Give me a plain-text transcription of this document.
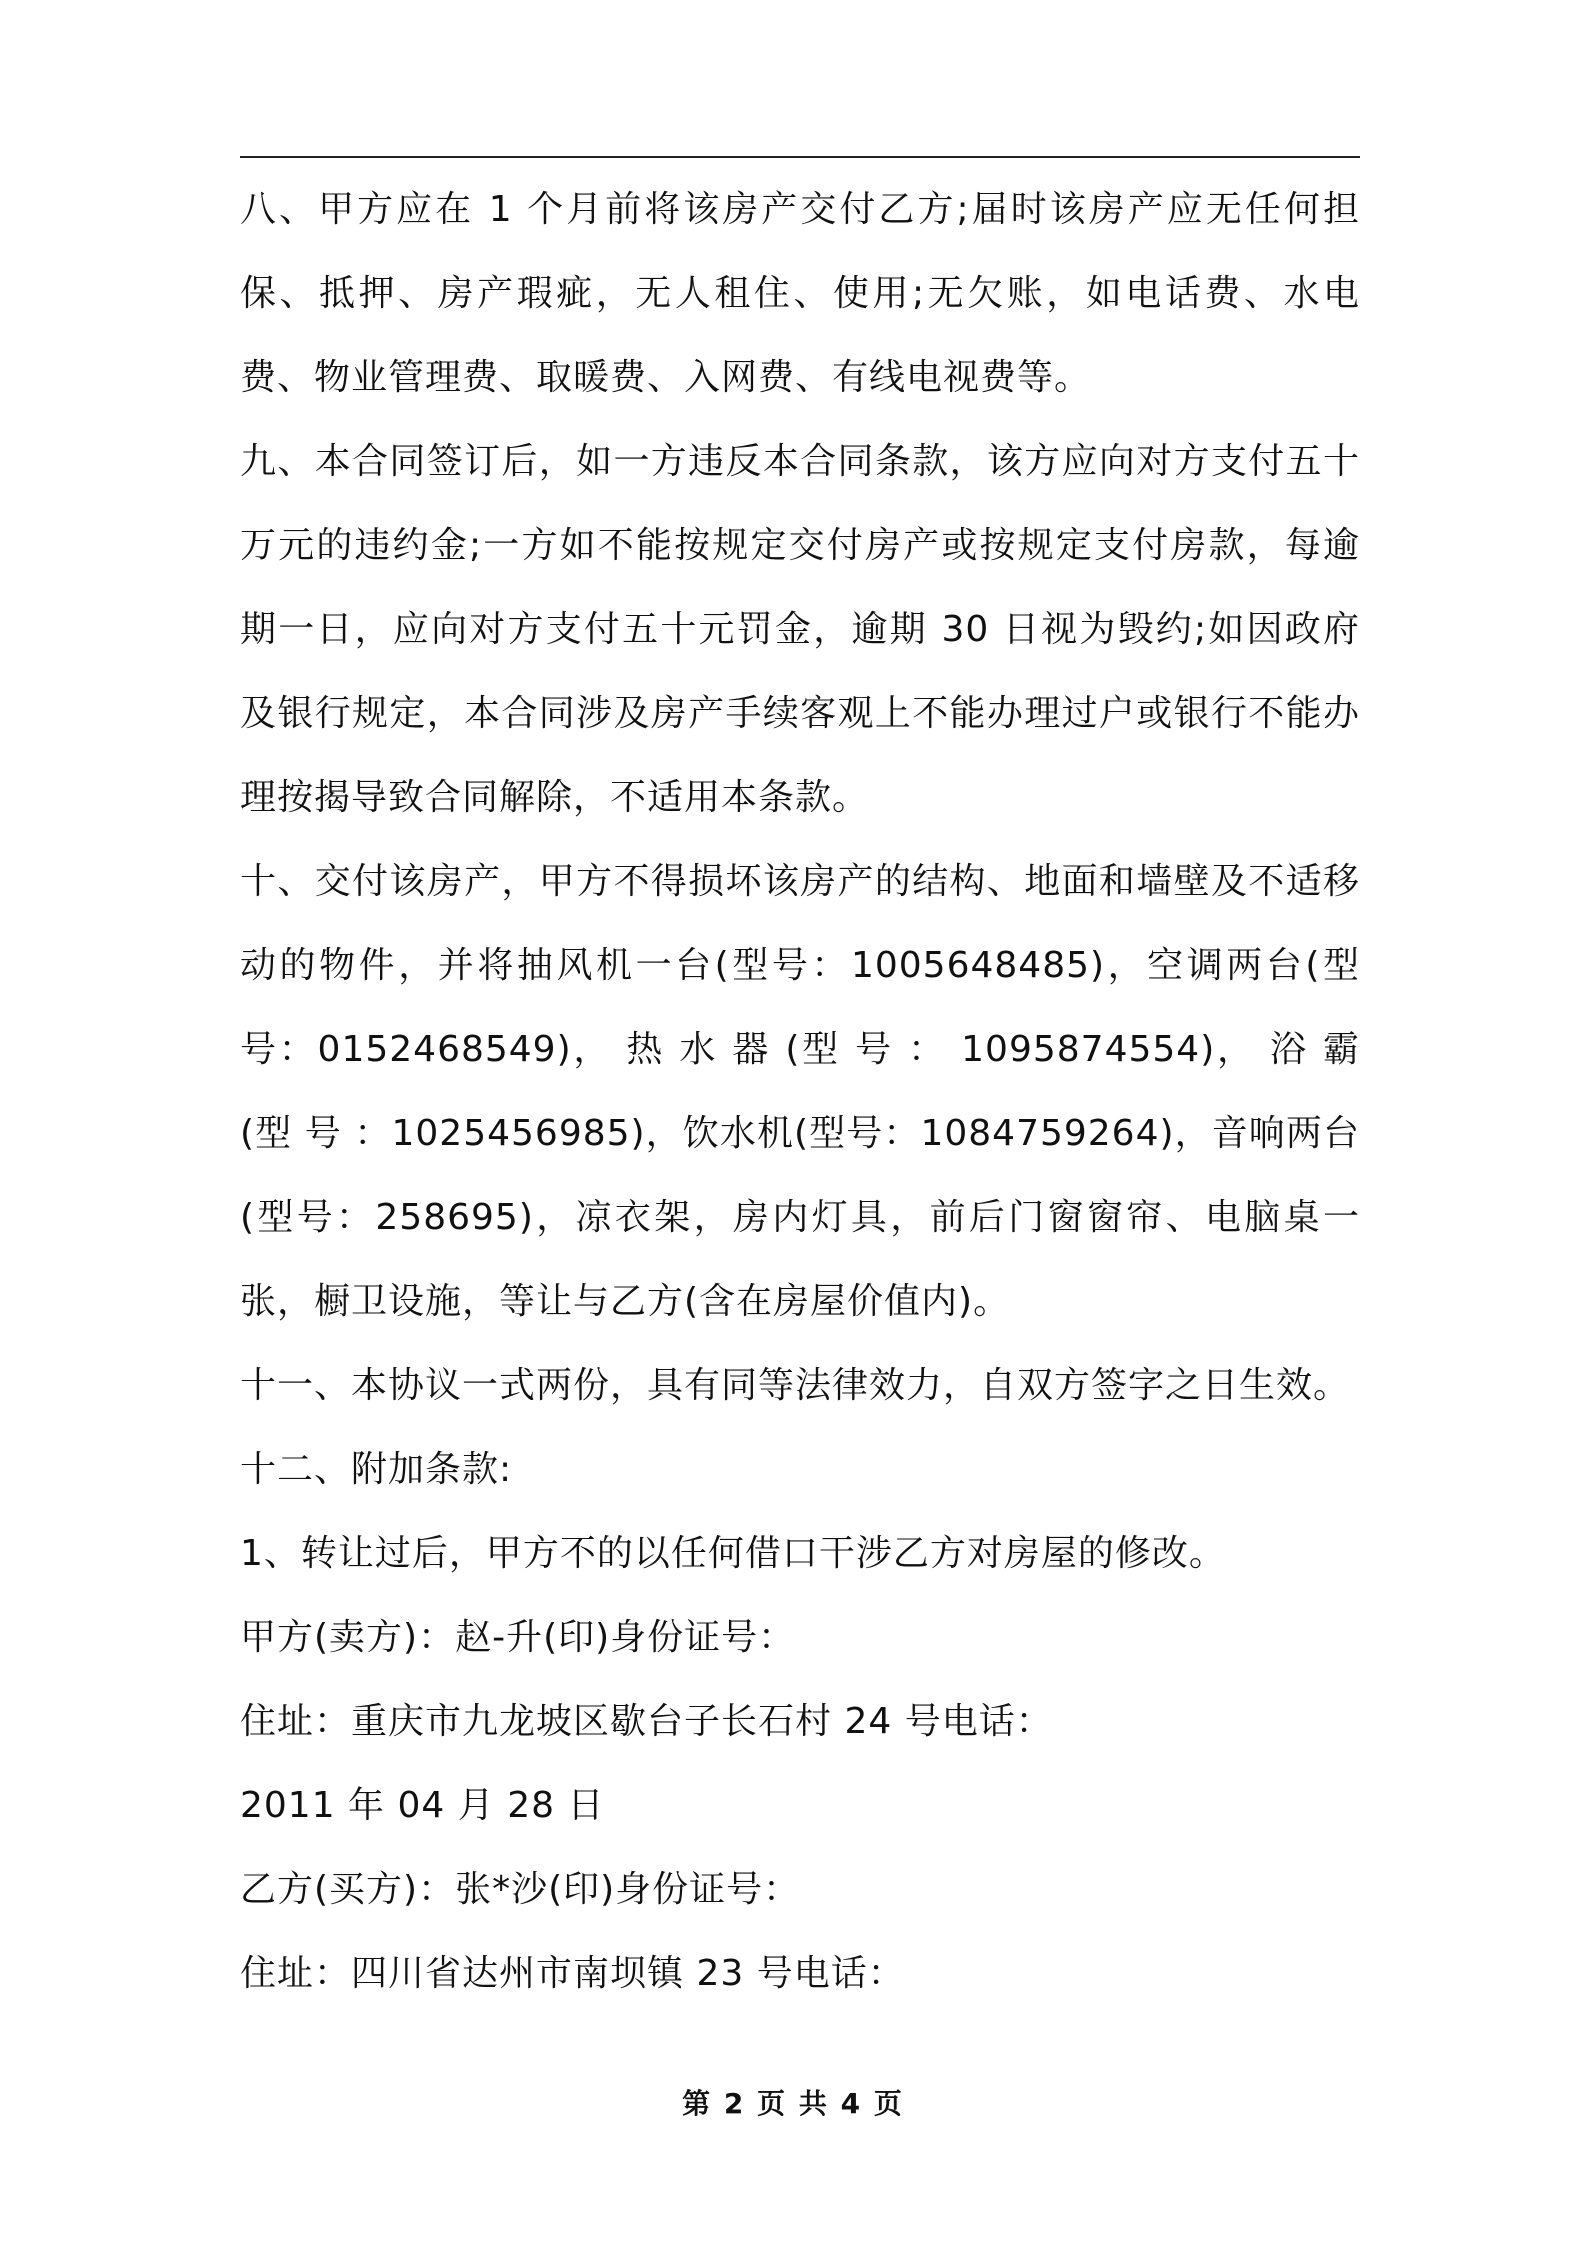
八、甲方应在 1 个月前将该房产交付乙方;届时该房产应无任何担保、抵押、房产瑕疵，无人租住、使用;无欠账，如电话费、水电费、物业管理费、取暖费、入网费、有线电视费等。

九、本合同签订后，如一方违反本合同条款，该方应向对方支付五十万元的违约金;一方如不能按规定交付房产或按规定支付房款，每逾期一日，应向对方支付五十元罚金，逾期 30 日视为毁约;如因政府及银行规定，本合同涉及房产手续客观上不能办理过户或银行不能办理按揭导致合同解除，不适用本条款。

十、交付该房产，甲方不得损坏该房产的结构、地面和墙壁及不适移动的物件，并将抽风机一台(型号：1005648485)，空调两台(型号：0152468549)， 热 水 器 (型 号 ： 1095874554)， 浴 霸 (型 号 ：1025456985)，饮水机(型号：1084759264)，音响两台(型号：258695)，凉衣架，房内灯具，前后门窗窗帘、电脑桌一张，橱卫设施，等让与乙方(含在房屋价值内)。

十一、本协议一式两份，具有同等法律效力，自双方签字之日生效。

十二、附加条款:

1、转让过后，甲方不的以任何借口干涉乙方对房屋的修改。

甲方(卖方)：赵-升(印)身份证号：

住址：重庆市九龙坡区歇台子长石村 24 号电话：

2011 年 04 月 28 日

乙方(买方)：张*沙(印)身份证号：

住址：四川省达州市南坝镇 23 号电话：

第 2 页 共 4 页
